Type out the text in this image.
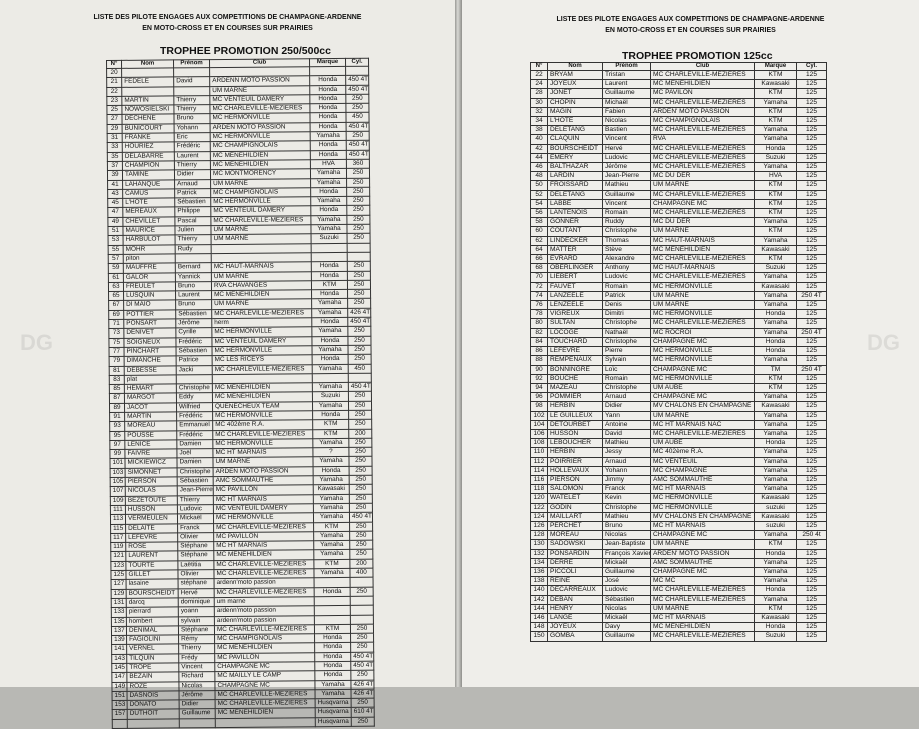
LISTE DES PILOTE ENGAGES AUX COMPETITIONS DE CHAMPAGNE-ARDENNE
EN MOTO-CROSS ET EN COURSES SUR PRAIRIES
TROPHEE PROMOTION 250/500cc
N°	Nom	Prénom	Club	Marque	Cyl.
20					
21	FEDELE	David	ARDENN MOTO PASSION	Honda	450 4T
22			UM MARNE	Honda	450 4T
23	MARTIN	Thierry	MC VENTEUIL DAMERY	Honda	250
25	NOWOSIELSKI	Thierry	MC CHARLEVILLE-MEZIERES	Honda	250
27	DECHENE	Bruno	MC HERMONVILLE	Honda	450
29	BUNICOURT	Yohann	ARDEN MOTO PASSION	Honda	450 4T
31	FRANKE	Eric	MC HERMONVILLE	Yamaha	250
33	HOURIEZ	Frédéric	MC CHAMPIGNOLAIS	Honda	450 4T
35	DELABARRE	Laurent	MC MENEHILDIEN	Honda	450 4T
37	CHAMPION	Thierry	MC MENEHILDIEN	HVA	360
39	TAMINE	Didier	MC MONTMORENCY	Yamaha	250
41	LAHANQUE	Arnaud	UM MARNE	Yamaha	250
43	CAMUS	Patrick	MC CHAMPIGNOLAIS	Honda	250
45	L'HOTE	Sébastien	MC HERMONVILLE	Yamaha	250
47	MEREAUX	Philippe	MC VENTEUIL DAMERY	Honda	250
49	CHEVILLET	Pascal	MC CHARLEVILLE-MEZIERES	Yamaha	250
51	MAURICE	Julien	UM MARNE	Yamaha	250
53	HARBULOT	Thierry	UM MARNE	Suzuki	250
55	MOHR	Rudy			
57	piton				
59	MAUFFRE	Bernard	MC HAUT-MARNAIS	Honda	250
61	GALOR	Yannick	UM MARNE	Honda	250
63	FREULET	Bruno	RVA CHAVANGES	KTM	250
65	LUSQUIN	Laurent	MC MENEHILDIEN	Honda	250
67	DI MAIO	Bruno	UM MARNE	Yamaha	250
69	POTTIER	Sébastien	MC CHARLEVILLE-MEZIERES	Yamaha	426 4T
71	PONSART	Jérôme	herm	Honda	450 4T
73	DENIVET	Cyrille	MC HERMONVILLE	Yamaha	250
75	SOIGNEUX	Frédéric	MC VENTEUIL DAMERY	Honda	250
77	PINCHART	Sébastien	MC HERMONVILLE	Yamaha	250
79	DIMANCHE	Patrice	MC LES RICEYS	Honda	250
81	DEBESSE	Jacki	MC CHARLEVILLE-MEZIERES	Yamaha	450
83	plat				
85	HEMART	Christophe	MC MENEHILDIEN	Yamaha	450 4T
87	MARGOT	Eddy	MC MENEHILDIEN	Suzuki	250
89	JACOT	Wilfried	QUENECHEUX TEAM	Yamaha	250
91	MARTIN	Frédéric	MC HERMONVILLE	Honda	250
93	MOREAU	Emmanuel	MC 402ème R.A.	KTM	250
95	POUSSE	Frédéric	MC CHARLEVILLE-MEZIERES	KTM	200
97	LENICE	Damien	MC HERMONVILLE	Yamaha	250
99	FAIVRE	Joël	MC HT MARNAIS	?	250
101	MICKIEWICZ	Damien	UM MARNE	Yamaha	250
103	SIMONNET	Christophe	ARDEN MOTO PASSION	Honda	250
105	PIERSON	Sébastien	AMC SOMMAUTHE	Yamaha	250
107	NICOLAS	Jean-Pierre	MC PAVILLON	Kawasaki	250
109	BEZETOUTE	Thierry	MC HT MARNAIS	Yamaha	250
111	HUSSON	Ludovic	MC VENTEUIL DAMERY	Yamaha	250
113	VERMEULEN	Mickaël	MC HERMONVILLE	Yamaha	450 4T
115	DELAITE	Franck	MC CHARLEVILLE-MEZIERES	KTM	250
117	LEFEVRE	Olivier	MC PAVILLON	Yamaha	250
119	ROSE	Stéphane	MC HT MARNAIS	Yamaha	250
121	LAURENT	Stéphane	MC MENEHILDIEN	Yamaha	250
123	TOURTE	Laëtitia	MC CHARLEVILLE-MEZIERES	KTM	200
125	GILLET	Olivier	MC CHARLEVILLE-MEZIERES	Yamaha	400
127	lasaine	stéphane	ardenn'moto passion		
129	BOURSCHEIDT	Hervé	MC CHARLEVILLE-MEZIERES	Honda	250
131	darcq	dominique	um marne		
133	pierrard	yoann	ardenn'moto passion		
135	hombert	sylvain	ardenn'moto passion		
137	DENIMAL	Stéphane	MC CHARLEVILLE-MEZIERES	KTM	250
139	FAGIOLINI	Rémy	MC CHAMPIGNOLAIS	Honda	250
141	VERNEL	Thierry	MC MENEHILDIEN	Honda	250
143	TILQUIN	Frédy	MC PAVILLON	Honda	450 4T
145	TROPE	Vincent	CHAMPAGNE MC	Honda	450 4T
147	BEZAIN	Richard	MC MAILLY LE CAMP	Honda	250
149	ROZE	Nicolas	CHAMPAGNE MC	Yamaha	426 4T
151	DASNOIS	Jérôme	MC CHARLEVILLE-MEZIERES	Yamaha	426 4T
153	DONATO	Didier	MC CHARLEVILLE-MEZIERES	Husqvarna	250
157	DUTHOIT	Guillaume	MC MENEHILDIEN	Husqvarna	610 4T
				Husqvarna	250
DG
LISTE DES PILOTE ENGAGES AUX COMPETITIONS DE CHAMPAGNE-ARDENNE
EN MOTO-CROSS ET EN COURSES SUR PRAIRIES
TROPHEE PROMOTION 125cc
N°	Nom	Prénom	Club	Marque	Cyl.
22	BRYAM	Tristan	MC CHARLEVILLE-MEZIERES	KTM	125
24	JOYEUX	Laurent	MC MENEHILDIEN	Kawasaki	125
28	JONET	Guillaume	MC PAVILON	KTM	125
30	CHOPIN	Michaël	MC CHARLEVILLE-MEZIERES	Yamaha	125
32	MAGIN	Fabien	ARDEN' MOTO PASSION	KTM	125
34	L'HOTE	Nicolas	MC CHAMPIGNOLAIS	KTM	125
38	DELETANG	Bastien	MC CHARLEVILLE-MEZIERES	Yamaha	125
40	CLAQUIN	Vincent	RVA	Yamaha	125
42	BOURSCHEIDT	Hervé	MC CHARLEVILLE-MEZIERES	Honda	125
44	EMERY	Ludovic	MC CHARLEVILLE-MEZIERES	Suzuki	125
46	BALTHAZAR	Jérôme	MC CHARLEVILLE-MEZIERES	Yamaha	125
48	LARDIN	Jean-Pierre	MC DU DER	HVA	125
50	FROISSARD	Mathieu	UM MARNE	KTM	125
52	DELETANG	Guillaume	MC CHARLEVILLE-MEZIERES	KTM	125
54	LABBE	Vincent	CHAMPAGNE MC	KTM	125
56	LANTENOIS	Romain	MC CHARLEVILLE-MEZIERES	KTM	125
58	GONNER	Ruddy	MC DU DER	Yamaha	125
60	COUTANT	Christophe	UM MARNE	KTM	125
62	LINDECKER	Thomas	MC HAUT-MARNAIS	Yamaha	125
64	MATTER	Stève	MC MENEHILDIEN	Kawasaki	125
66	EVRARD	Alexandre	MC CHARLEVILLE-MEZIERES	KTM	125
68	OBERLINGER	Anthony	MC HAUT-MARNAIS	Suzuki	125
70	LIEBERT	Ludovic	MC CHARLEVILLE-MEZIERES	Yamaha	125
72	FAUVET	Romain	MC HERMONVILLE	Kawasaki	125
74	LANZEELE	Patrick	UM MARNE	Yamaha	250 4T
76	LENZEELE	Denis	UM MARNE	Yamaha	125
78	VIGREUX	Dimitri	MC HERMONVILLE	Honda	125
80	SULTAN	Christophe	MC CHARLEVILLE-MEZIERES	Yamaha	125
82	LOCOGE	Nathaël	MC ROCROI	Yamaha	250 4T
84	TOUCHARD	Christophe	CHAMPAGNE MC	Honda	125
86	LEFEVRE	Pierre	MC HERMONVILLE	Honda	125
88	REMPENAUX	Sylvain	MC HERMONVILLE	Yamaha	125
90	BONNINGRE	Loïc	CHAMPAGNE MC	TM	250 4T
92	BOUCHE	Romain	MC HERMONVILLE	KTM	125
94	MAZEAU	Christophe	UM AUBE	KTM	125
96	POMMIER	Arnaud	CHAMPAGNE MC	Yamaha	125
98	HERBIN	Didier	MV CHALONS EN CHAMPAGNE	Kawasaki	125
102	LE GUILLEUX	Yann	UM MARNE	Yamaha	125
104	DETOURBET	Antoine	MC HT MARNAIS NAC	Yamaha	125
106	HUSSON	David	MC CHARLEVILLE-MEZIERES	Yamaha	125
108	LEBOUCHER	Mathieu	UM AUBE	Honda	125
110	HERBIN	Jessy	MC 402ème R.A.	Yamaha	125
112	POIRRIER	Arnaud	MC VENTEUIL	Yamaha	125
114	HOLLEVAUX	Yohann	MC CHAMPAGNE	Yamaha	125
116	PIERSON	Jimmy	AMC SOMMAUTHE	Yamaha	125
118	SALOMON	Franck	MC HT MARNAIS	Yamaha	125
120	WATELET	Kevin	MC HERMONVILLE	Kawasaki	125
122	GODIN	Christophe	MC HERMONVILLE	suzuki	125
124	MAILLART	Mathieu	MV CHALONS EN CHAMPAGNE	Kawasaki	125
126	PERCHET	Bruno	MC HT MARNAIS	suzuki	125
128	MOREAU	Nicolas	CHAMPAGNE MC	Yamaha	250 4t
130	SADOWSKI	Jean-Baptiste	UM MARNE	KTM	125
132	PONSARDIN	François Xavier	ARDEN' MOTO PASSION	Honda	125
134	DERRE	Mickaël	AMC SOMMAUTHE	Yamaha	125
136	PICCOLI	Guillaume	CHAMPAGNE MC	Yamaha	125
138	REINE	José	MC MC	Yamaha	125
140	DECARREAUX	Ludovic	MC CHARLEVILLE-MEZIERES	Honda	125
142	DEBAN	Sébastien	MC CHARLEVILLE-MEZIERES	Yamaha	125
144	HENRY	Nicolas	UM MARNE	KTM	125
146	LANGE	Mickaël	MC HT MARNAIS	Kawasaki	125
148	JOYEUX	Davy	MC MENEHILDIEN	Honda	125
150	GOMBA	Guillaume	MC CHARLEVILLE-MEZIERES	Suzuki	125
DG
